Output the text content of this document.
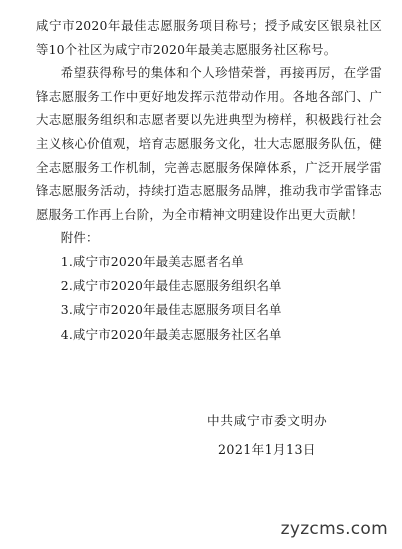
咸宁市2020年最佳志愿服务项目称号；授予咸安区银泉社区等10个社区为咸宁市2020年最美志愿服务社区称号。

希望获得称号的集体和个人珍惜荣誉，再接再厉，在学雷锋志愿服务工作中更好地发挥示范带动作用。各地各部门、广大志愿服务组织和志愿者要以先进典型为榜样，积极践行社会主义核心价值观，培育志愿服务文化，壮大志愿服务队伍，健全志愿服务工作机制，完善志愿服务保障体系，广泛开展学雷锋志愿服务活动，持续打造志愿服务品牌，推动我市学雷锋志愿服务工作再上台阶，为全市精神文明建设作出更大贡献！

附件：

1.咸宁市2020年最美志愿者名单
2.咸宁市2020年最佳志愿服务组织名单
3.咸宁市2020年最佳志愿服务项目名单
4.咸宁市2020年最美志愿服务社区名单
中共咸宁市委文明办
2021年1月13日
zyzcms.com
